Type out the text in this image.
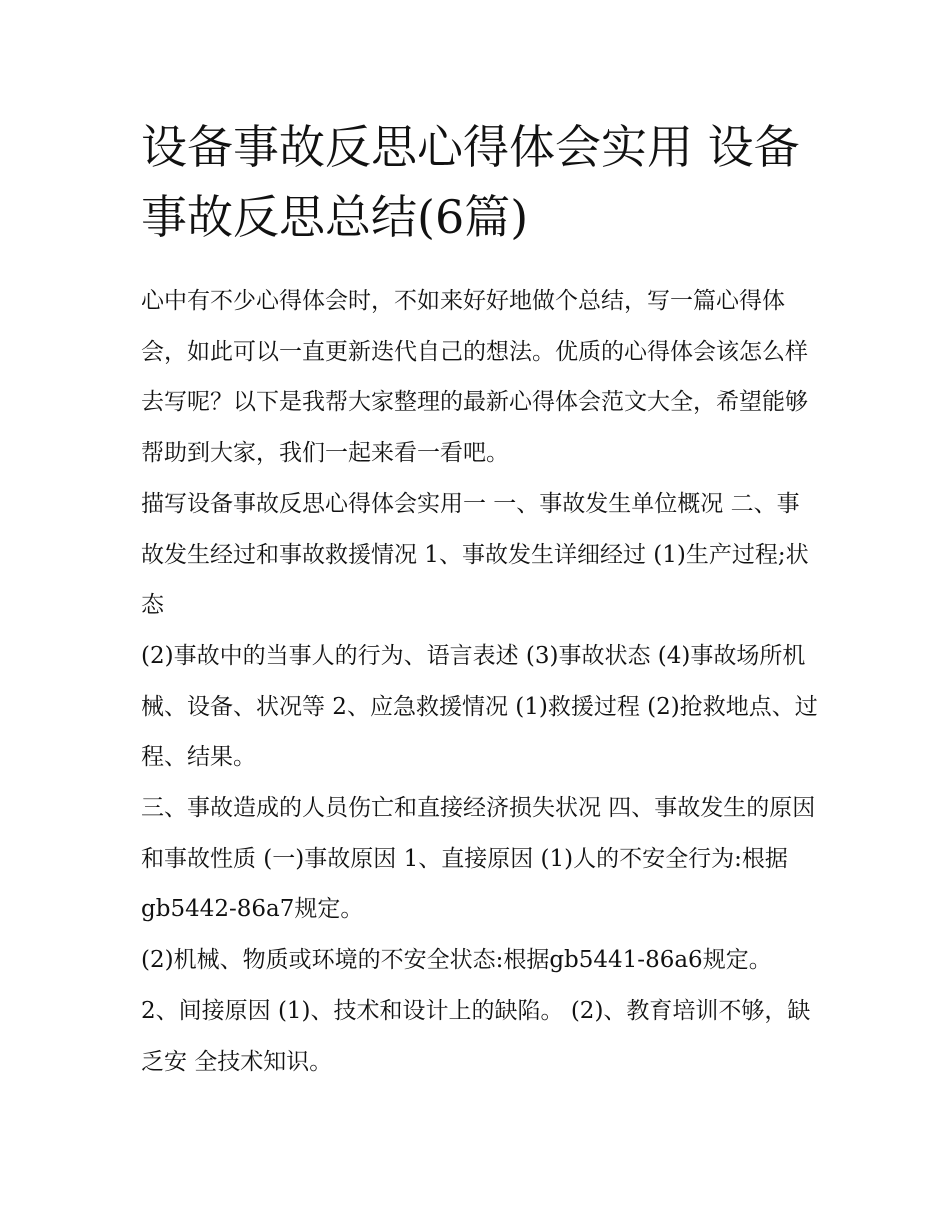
设备事故反思心得体会实用 设备事故反思总结(6篇)

心中有不少心得体会时，不如来好好地做个总结，写一篇心得体会，如此可以一直更新迭代自己的想法。优质的心得体会该怎么样去写呢？以下是我帮大家整理的最新心得体会范文大全，希望能够帮助到大家，我们一起来看一看吧。

描写设备事故反思心得体会实用一 一、事故发生单位概况 二、事故发生经过和事故救援情况 1、事故发生详细经过 (1)生产过程;状态

(2)事故中的当事人的行为、语言表述 (3)事故状态 (4)事故场所机械、设备、状况等 2、应急救援情况 (1)救援过程 (2)抢救地点、过程、结果。

三、事故造成的人员伤亡和直接经济损失状况 四、事故发生的原因和事故性质 (一)事故原因 1、直接原因 (1)人的不安全行为:根据gb5442-86a7规定。

(2)机械、物质或环境的不安全状态:根据gb5441-86a6规定。

2、间接原因 (1)、技术和设计上的缺陷。 (2)、教育培训不够，缺乏安 全技术知识。
